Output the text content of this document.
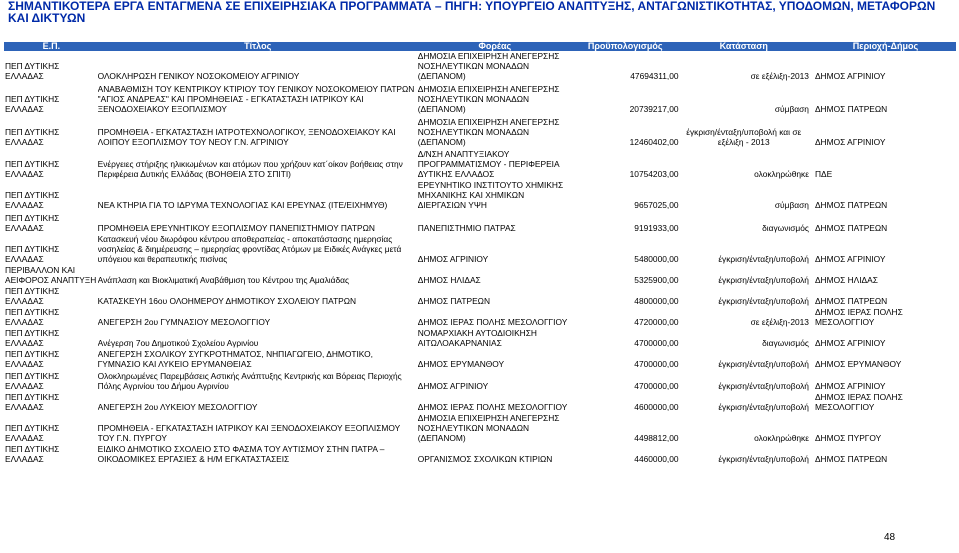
ΣΗΜΑΝΤΙΚΟΤΕΡΑ ΕΡΓΑ ΕΝΤΑΓΜΕΝΑ ΣΕ ΕΠΙΧΕΙΡΗΣΙΑΚΑ ΠΡΟΓΡΑΜΜΑΤΑ – ΠΗΓΗ: ΥΠΟΥΡΓΕΙΟ ΑΝΑΠΤΥΞΗΣ, ΑΝΤΑΓΩΝΙΣΤΙΚΟΤΗΤΑΣ, ΥΠΟΔΟΜΩΝ, ΜΕΤΑΦΟΡΩΝ
ΚΑΙ ΔΙΚΤΥΩΝ
Ε.Π.	Τίτλος	Φορέας	Προϋπολογισμός	Κατάσταση	Περιοχή-Δήμος
ΠΕΠ ΔΥΤΙΚΗΣ ΕΛΛΑΔΑΣ	ΟΛΟΚΛΗΡΩΣΗ ΓΕΝΙΚΟΥ ΝΟΣΟΚΟΜΕΙΟΥ ΑΓΡΙΝΙΟΥ	ΔΗΜΟΣΙΑ ΕΠΙΧΕΙΡΗΣΗ ΑΝΕΓΕΡΣΗΣ ΝΟΣΗΛΕΥΤΙΚΩΝ ΜΟΝΑΔΩΝ (ΔΕΠΑΝΟΜ)	47694311,00	σε εξέλιξη-2013	ΔΗΜΟΣ ΑΓΡΙΝΙΟΥ
ΠΕΠ ΔΥΤΙΚΗΣ ΕΛΛΑΔΑΣ	ΑΝΑΒΑΘΜΙΣΗ ΤΟΥ ΚΕΝΤΡΙΚΟΥ ΚΤΙΡΙΟΥ ΤΟΥ ΓΕΝΙΚΟΥ ΝΟΣΟΚΟΜΕΙΟΥ ΠΑΤΡΩΝ "ΑΓΙΟΣ ΑΝΔΡΕΑΣ" ΚΑΙ ΠΡΟΜΗΘΕΙΑΣ - ΕΓΚΑΤΑΣΤΑΣΗ ΙΑΤΡΙΚΟΥ ΚΑΙ ΞΕΝΟΔΟΧΕΙΑΚΟΥ ΕΞΟΠΛΙΣΜΟΥ	ΔΗΜΟΣΙΑ ΕΠΙΧΕΙΡΗΣΗ ΑΝΕΓΕΡΣΗΣ ΝΟΣΗΛΕΥΤΙΚΩΝ ΜΟΝΑΔΩΝ (ΔΕΠΑΝΟΜ)	20739217,00	σύμβαση	ΔΗΜΟΣ ΠΑΤΡΕΩΝ
ΠΕΠ ΔΥΤΙΚΗΣ ΕΛΛΑΔΑΣ	ΠΡΟΜΗΘΕΙΑ - ΕΓΚΑΤΑΣΤΑΣΗ ΙΑΤΡΟΤΕΧΝΟΛΟΓΙΚΟΥ, ΞΕΝΟΔΟΧΕΙΑΚΟΥ ΚΑΙ ΛΟΙΠΟΥ ΕΞΟΠΛΙΣΜΟΥ ΤΟΥ ΝΕΟΥ Γ.Ν. ΑΓΡΙΝΙΟΥ	ΔΗΜΟΣΙΑ ΕΠΙΧΕΙΡΗΣΗ ΑΝΕΓΕΡΣΗΣ ΝΟΣΗΛΕΥΤΙΚΩΝ ΜΟΝΑΔΩΝ (ΔΕΠΑΝΟΜ)	12460402,00	έγκριση/ένταξη/υποβολή και σε εξέλιξη - 2013	ΔΗΜΟΣ ΑΓΡΙΝΙΟΥ
ΠΕΠ ΔΥΤΙΚΗΣ ΕΛΛΑΔΑΣ	Ενέργειες στήριξης ηλικιωμένων και ατόμων που χρήζουν κατ΄οίκον βοήθειας στην Περιφέρεια Δυτικής Ελλάδας (ΒΟΗΘΕΙΑ ΣΤΟ ΣΠΙΤΙ)	Δ/ΝΣΗ ΑΝΑΠΤΥΞΙΑΚΟΥ ΠΡΟΓΡΑΜΜΑΤΙΣΜΟΥ - ΠΕΡΙΦΕΡΕΙΑ ΔΥΤΙΚΗΣ ΕΛΛΑΔΟΣ	10754203,00	ολοκληρώθηκε	ΠΔΕ
ΠΕΠ ΔΥΤΙΚΗΣ ΕΛΛΑΔΑΣ	ΝΕΑ ΚΤΗΡΙΑ ΓΙΑ ΤΟ ΙΔΡΥΜΑ ΤΕΧΝΟΛΟΓΙΑΣ ΚΑΙ ΕΡΕΥΝΑΣ (ΙΤΕ/ΕΙΧΗΜΥΘ)	ΕΡΕΥΝΗΤΙΚΟ ΙΝΣΤΙΤΟΥΤΟ ΧΗΜΙΚΗΣ ΜΗΧΑΝΙΚΗΣ ΚΑΙ ΧΗΜΙΚΩΝ ΔΙΕΡΓΑΣΙΩΝ ΥΨΗ	9657025,00	σύμβαση	ΔΗΜΟΣ ΠΑΤΡΕΩΝ
ΠΕΠ ΔΥΤΙΚΗΣ ΕΛΛΑΔΑΣ	ΠΡΟΜΗΘΕΙΑ ΕΡΕΥΝΗΤΙΚΟΥ ΕΞΟΠΛΙΣΜΟΥ ΠΑΝΕΠΙΣΤΗΜΙΟΥ ΠΑΤΡΩΝ	ΠΑΝΕΠΙΣΤΗΜΙΟ ΠΑΤΡΑΣ	9191933,00	διαγωνισμός	ΔΗΜΟΣ ΠΑΤΡΕΩΝ
ΠΕΠ ΔΥΤΙΚΗΣ ΕΛΛΑΔΑΣ	Κατασκευή νέου διωρόφου κέντρου αποθεραπείας - αποκατάστασης ημερησίας νοσηλείας & διημέρευσης – ημερησίας φροντίδας Ατόμων με Ειδικές Ανάγκες μετά υπόγειου και θεραπευτικής πισίνας	ΔΗΜΟΣ ΑΓΡΙΝΙΟΥ	5480000,00	έγκριση/ένταξη/υποβολή	ΔΗΜΟΣ ΑΓΡΙΝΙΟΥ
ΠΕΡΙΒΑΛΛΟΝ ΚΑΙ ΑΕΙΦΟΡΟΣ ΑΝΑΠΤΥΞΗ	Ανάπλαση και Βιοκλιματική Αναβάθμιση του Κέντρου της Αμαλιάδας	ΔΗΜΟΣ ΗΛΙΔΑΣ	5325900,00	έγκριση/ένταξη/υποβολή	ΔΗΜΟΣ ΗΛΙΔΑΣ
ΠΕΠ ΔΥΤΙΚΗΣ ΕΛΛΑΔΑΣ	ΚΑΤΑΣΚΕΥΗ 16ου ΟΛΟΗΜΕΡΟΥ ΔΗΜΟΤΙΚΟΥ ΣΧΟΛΕΙΟΥ ΠΑΤΡΩΝ	ΔΗΜΟΣ ΠΑΤΡΕΩΝ	4800000,00	έγκριση/ένταξη/υποβολή	ΔΗΜΟΣ ΠΑΤΡΕΩΝ
ΠΕΠ ΔΥΤΙΚΗΣ ΕΛΛΑΔΑΣ	ΑΝΕΓΕΡΣΗ 2ου ΓΥΜΝΑΣΙΟΥ ΜΕΣΟΛΟΓΓΙΟΥ	ΔΗΜΟΣ ΙΕΡΑΣ ΠΟΛΗΣ ΜΕΣΟΛΟΓΓΙΟΥ	4720000,00	σε εξέλιξη-2013	ΔΗΜΟΣ ΙΕΡΑΣ ΠΟΛΗΣ ΜΕΣΟΛΟΓΓΙΟΥ
ΠΕΠ ΔΥΤΙΚΗΣ ΕΛΛΑΔΑΣ	Ανέγερση 7ου Δημοτικού Σχολείου Αγρινίου	ΝΟΜΑΡΧΙΑΚΗ ΑΥΤΟΔΙΟΙΚΗΣΗ ΑΙΤΩΛΟΑΚΑΡΝΑΝΙΑΣ	4700000,00	διαγωνισμός	ΔΗΜΟΣ ΑΓΡΙΝΙΟΥ
ΠΕΠ ΔΥΤΙΚΗΣ ΕΛΛΑΔΑΣ	ΑΝΕΓΕΡΣΗ ΣΧΟΛΙΚΟΥ ΣΥΓΚΡΟΤΗΜΑΤΟΣ, ΝΗΠΙΑΓΩΓΕΙΟ, ΔΗΜΟΤΙΚΟ, ΓΥΜΝΑΣΙΟ ΚΑΙ ΛΥΚΕΙΟ ΕΡΥΜΑΝΘΕΙΑΣ	ΔΗΜΟΣ ΕΡΥΜΑΝΘΟΥ	4700000,00	έγκριση/ένταξη/υποβολή	ΔΗΜΟΣ ΕΡΥΜΑΝΘΟΥ
ΠΕΠ ΔΥΤΙΚΗΣ ΕΛΛΑΔΑΣ	Ολοκληρωμένες Παρεμβάσεις Αστικής Ανάπτυξης Κεντρικής και Βόρειας Περιοχής Πόλης Αγρινίου του Δήμου Αγρινίου	ΔΗΜΟΣ ΑΓΡΙΝΙΟΥ	4700000,00	έγκριση/ένταξη/υποβολή	ΔΗΜΟΣ ΑΓΡΙΝΙΟΥ
ΠΕΠ ΔΥΤΙΚΗΣ ΕΛΛΑΔΑΣ	ΑΝΕΓΕΡΣΗ 2ου ΛΥΚΕΙΟΥ ΜΕΣΟΛΟΓΓΙΟΥ	ΔΗΜΟΣ ΙΕΡΑΣ ΠΟΛΗΣ ΜΕΣΟΛΟΓΓΙΟΥ	4600000,00	έγκριση/ένταξη/υποβολή	ΔΗΜΟΣ ΙΕΡΑΣ ΠΟΛΗΣ ΜΕΣΟΛΟΓΓΙΟΥ
ΠΕΠ ΔΥΤΙΚΗΣ ΕΛΛΑΔΑΣ	ΠΡΟΜΗΘΕΙΑ - ΕΓΚΑΤΑΣΤΑΣΗ ΙΑΤΡΙΚΟΥ ΚΑΙ ΞΕΝΟΔΟΧΕΙΑΚΟΥ ΕΞΟΠΛΙΣΜΟΥ ΤΟΥ Γ.Ν. ΠΥΡΓΟΥ	ΔΗΜΟΣΙΑ ΕΠΙΧΕΙΡΗΣΗ ΑΝΕΓΕΡΣΗΣ ΝΟΣΗΛΕΥΤΙΚΩΝ ΜΟΝΑΔΩΝ (ΔΕΠΑΝΟΜ)	4498812,00	ολοκληρώθηκε	ΔΗΜΟΣ ΠΥΡΓΟΥ
ΠΕΠ ΔΥΤΙΚΗΣ ΕΛΛΑΔΑΣ	ΕΙΔΙΚΟ ΔΗΜΟΤΙΚΟ ΣΧΟΛΕΙΟ ΣΤΟ ΦΑΣΜΑ ΤΟΥ ΑΥΤΙΣΜΟΥ ΣΤΗΝ ΠΑΤΡΑ – ΟΙΚΟΔΟΜΙΚΕΣ ΕΡΓΑΣΙΕΣ & Η/Μ ΕΓΚΑΤΑΣΤΑΣΕΙΣ	ΟΡΓΑΝΙΣΜΟΣ ΣΧΟΛΙΚΩΝ ΚΤΙΡΙΩΝ	4460000,00	έγκριση/ένταξη/υποβολή	ΔΗΜΟΣ ΠΑΤΡΕΩΝ
48
